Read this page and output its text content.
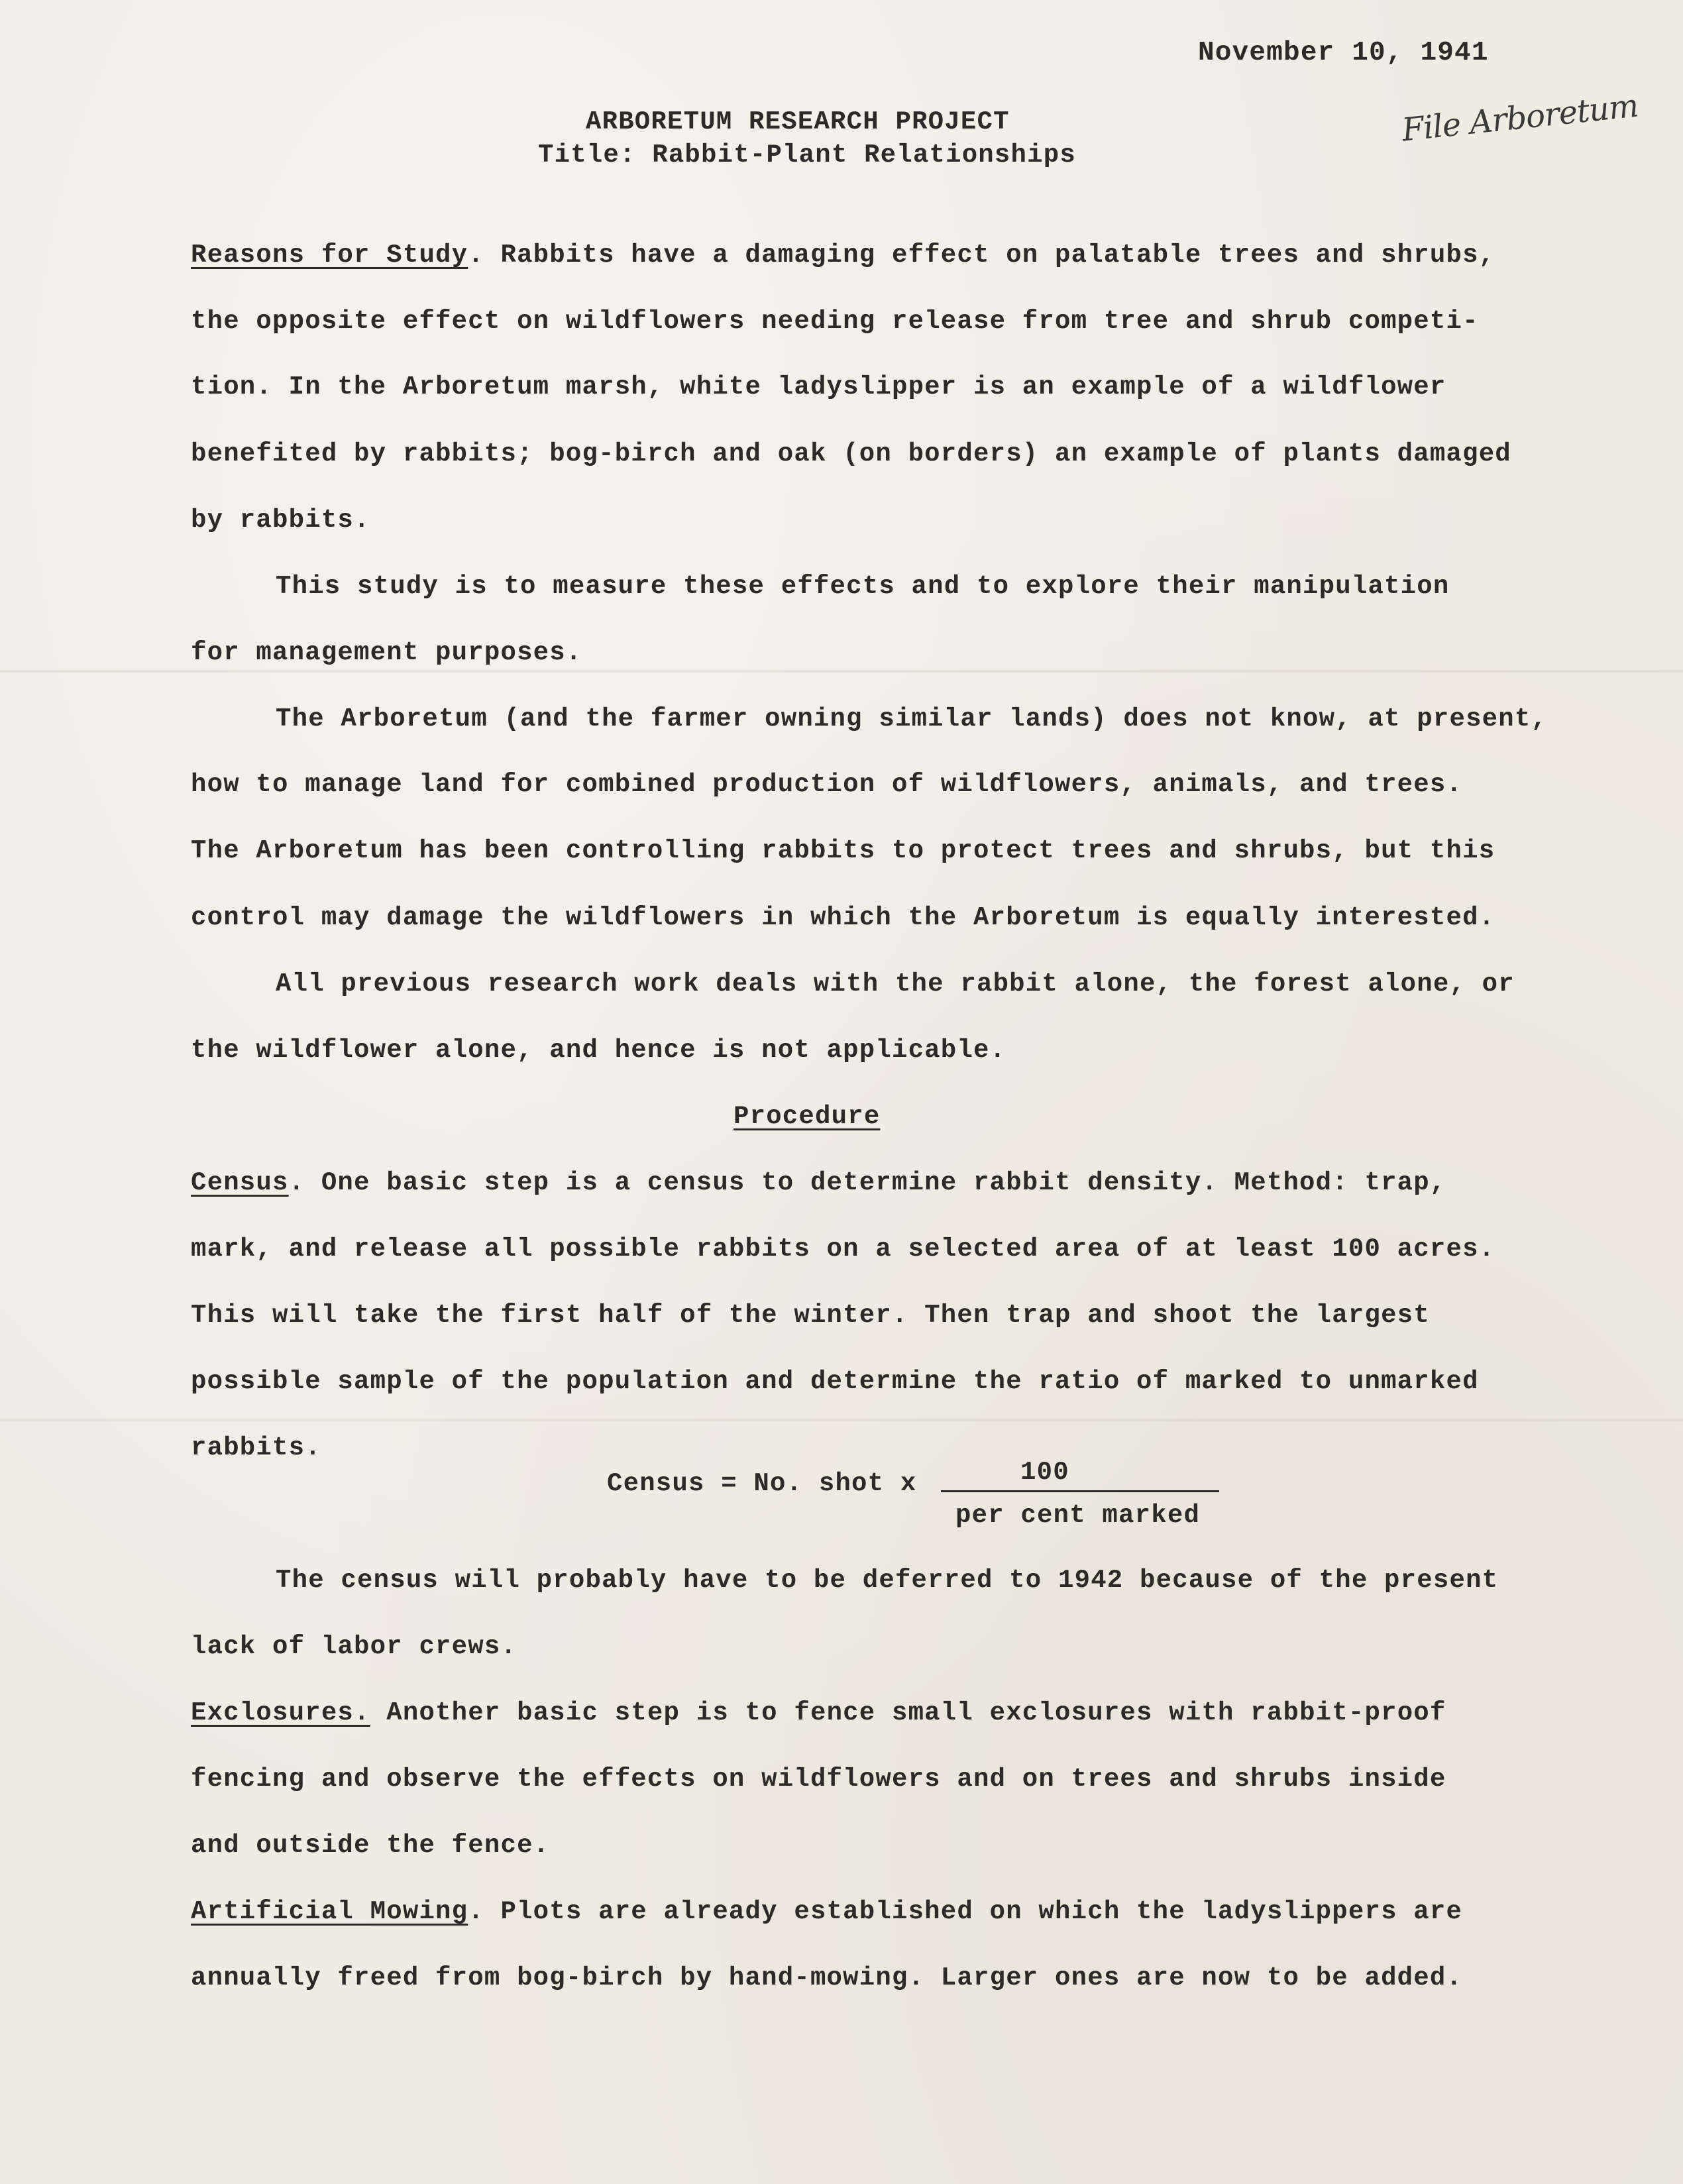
November 10, 1941

File Arboretum

ARBORETUM RESEARCH PROJECT

Title: Rabbit-Plant Relationships

Reasons for Study. Rabbits have a damaging effect on palatable trees and shrubs,

the opposite effect on wildflowers needing release from tree and shrub competi-

tion. In the Arboretum marsh, white ladyslipper is an example of a wildflower

benefited by rabbits; bog-birch and oak (on borders) an example of plants damaged

by rabbits.

This study is to measure these effects and to explore their manipulation

for management purposes.

The Arboretum (and the farmer owning similar lands) does not know, at present,

how to manage land for combined production of wildflowers, animals, and trees.

The Arboretum has been controlling rabbits to protect trees and shrubs, but this

control may damage the wildflowers in which the Arboretum is equally interested.

All previous research work deals with the rabbit alone, the forest alone, or

the wildflower alone, and hence is not applicable.

Procedure

Census. One basic step is a census to determine rabbit density. Method: trap,

mark, and release all possible rabbits on a selected area of at least 100 acres.

This will take the first half of the winter. Then trap and shoot the largest

possible sample of the population and determine the ratio of marked to unmarked

rabbits.

Census = No. shot x	100

per cent marked

The census will probably have to be deferred to 1942 because of the present

lack of labor crews.

Exclosures. Another basic step is to fence small exclosures with rabbit-proof

fencing and observe the effects on wildflowers and on trees and shrubs inside

and outside the fence.

Artificial Mowing. Plots are already established on which the ladyslippers are

annually freed from bog-birch by hand-mowing. Larger ones are now to be added.
